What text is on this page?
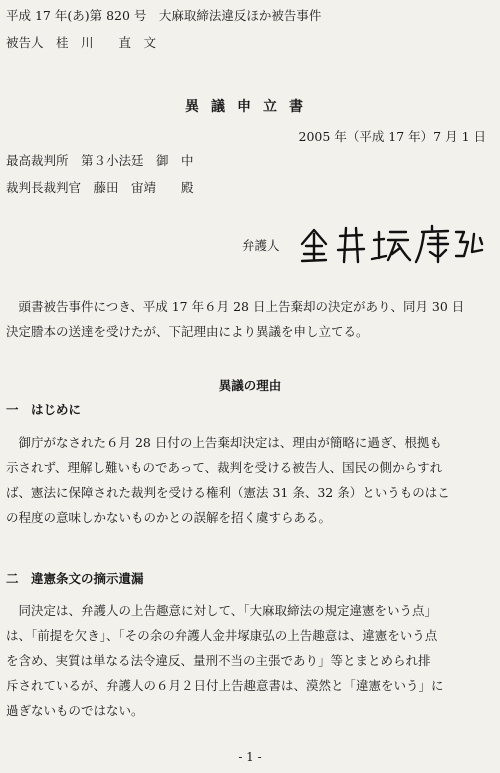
平成 17 年(あ)第 820 号　大麻取締法違反ほか被告事件
被告人　桂　川　　直　文
異議申立書
2005 年（平成 17 年）7 月 1 日
最高裁判所　第３小法廷　御　中
裁判長裁判官　藤田　宙靖　　殿
弁護人
　頭書被告事件につき、平成 17 年６月 28 日上告棄却の決定があり、同月 30 日
決定謄本の送達を受けたが、下記理由により異議を申し立てる。
異議の理由
一　はじめに
　御庁がなされた６月 28 日付の上告棄却決定は、理由が簡略に過ぎ、根拠も
示されず、理解し難いものであって、裁判を受ける被告人、国民の側からすれ
ば、憲法に保障された裁判を受ける権利（憲法 31 条、32 条）というものはこ
の程度の意味しかないものかとの誤解を招く虞すらある。
二　違憲条文の摘示遺漏
　同決定は、弁護人の上告趣意に対して、「大麻取締法の規定違憲をいう点」
は、「前提を欠き」、「その余の弁護人金井塚康弘の上告趣意は、違憲をいう点
を含め、実質は単なる法令違反、量刑不当の主張であり」等とまとめられ排
斥されているが、弁護人の６月２日付上告趣意書は、漠然と「違憲をいう」に
過ぎないものではない。
- 1 -
